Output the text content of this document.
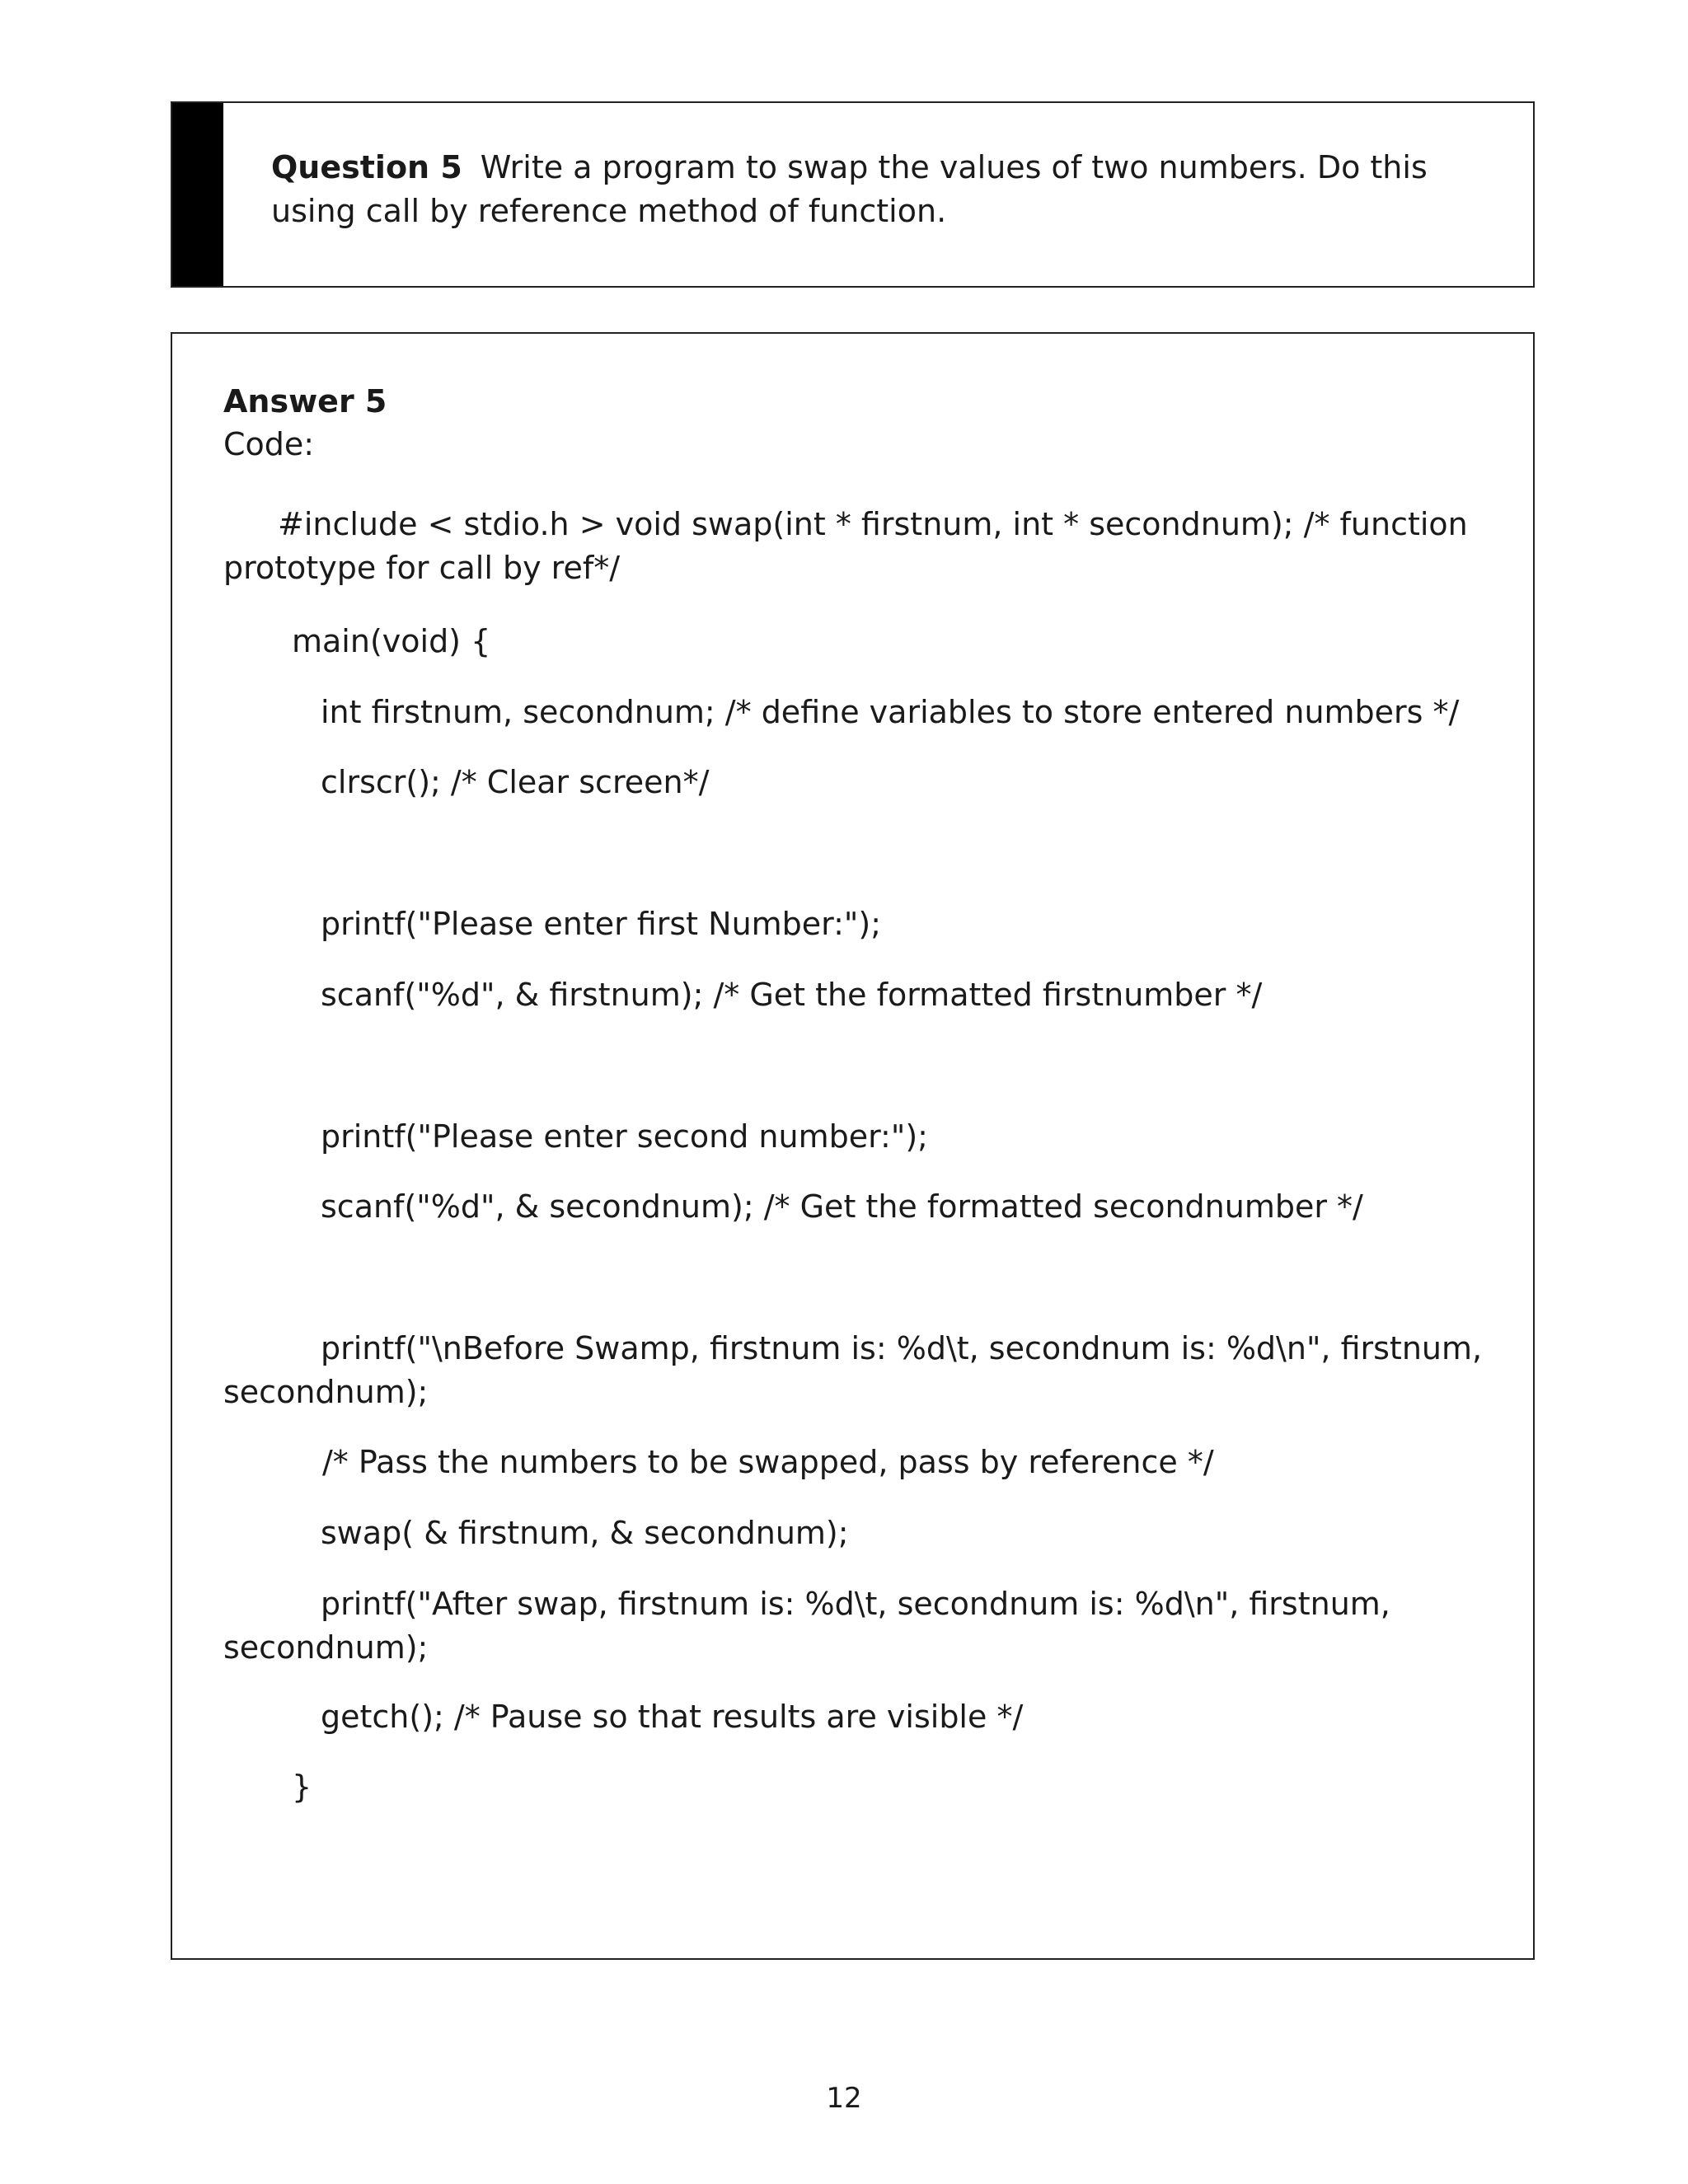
Question 5 Write a program to swap the values of two numbers. Do this using call by reference method of function.
Answer 5
Code:
#include < stdio.h > void swap(int * firstnum, int * secondnum); /* function prototype for call by ref*/
main(void) {
int firstnum, secondnum; /* define variables to store entered numbers */
clrscr(); /* Clear screen*/
printf("Please enter first Number:");
scanf("%d", & firstnum); /* Get the formatted firstnumber */
printf("Please enter second number:");
scanf("%d", & secondnum); /* Get the formatted secondnumber */
printf("\nBefore Swamp, firstnum is: %d\t, secondnum is: %d\n", firstnum, secondnum);
/* Pass the numbers to be swapped, pass by reference */
swap( & firstnum, & secondnum);
printf("After swap, firstnum is: %d\t, secondnum is: %d\n", firstnum, secondnum);
getch(); /* Pause so that results are visible */
}
12
